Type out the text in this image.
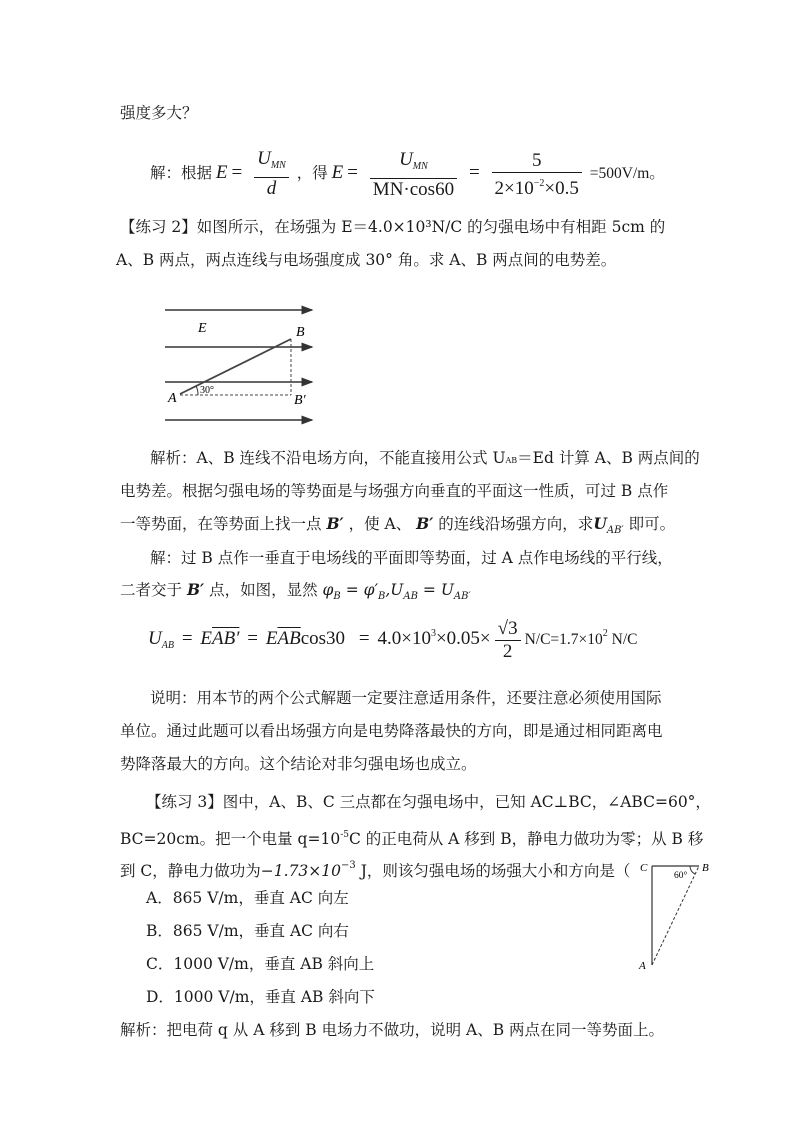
强度多大？
解：根据 $E = \frac{U_{MN}}{d}$ ，得 $E = \frac{U_{MN}}{MN\cdot\cos 60} = \frac{5}{2\times 10^{-2}\times 0.5} =500V/m$。
【练习 2】如图所示，在场强为 E＝4.0×10³N/C 的匀强电场中有相距 5cm 的
A、B 两点，两点连线与电场强度成 30° 角。求 A、B 两点间的电势差。
E	B
A	B′
30°
解析：A、B 连线不沿电场方向，不能直接用公式 UAB＝Ed 计算 A、B 两点间的
电势差。根据匀强电场的等势面是与场强方向垂直的平面这一性质，可过 B 点作
一等势面，在等势面上找一点 B′ ，使 A、 B′ 的连线沿场强方向，求$U_{AB'}$ 即可。
解：过 B 点作一垂直于电场线的平面即等势面，过 A 点作电场线的平行线，
二者交于 B′ 点，如图，显然 $\varphi_B = \varphi'_B,U_{AB} = U_{AB'}$
$U_{AB} = EAB' = E\overline{AB}\cos 30 = 4.0\times 10^3\times 0.05\times \frac{√3}{2} N/C=1.7\times 10^2$ N/C
说明：用本节的两个公式解题一定要注意适用条件，还要注意必须使用国际
单位。通过此题可以看出场强方向是电势降落最快的方向，即是通过相同距离电
势降落最大的方向。这个结论对非匀强电场也成立。
【练习 3】图中，A、B、C 三点都在匀强电场中，已知 AC⊥BC，∠ABC=60°，
BC=20cm。把一个电量 $q=10^{-5}C$ 的正电荷从 A 移到 B，静电力做功为零；从 B 移
到 C，静电力做功为$-1.73\times 10^{-3}$ J，则该匀强电场的场强大小和方向是（
A．865 V/m，垂直 AC 向左
B．865 V/m，垂直 AC 向右
C．1000 V/m，垂直 AB 斜向上
D．1000 V/m，垂直 AB 斜向下
C	B
A
60°
解析：把电荷 q 从 A 移到 B 电场力不做功，说明 A、B 两点在同一等势面上。
